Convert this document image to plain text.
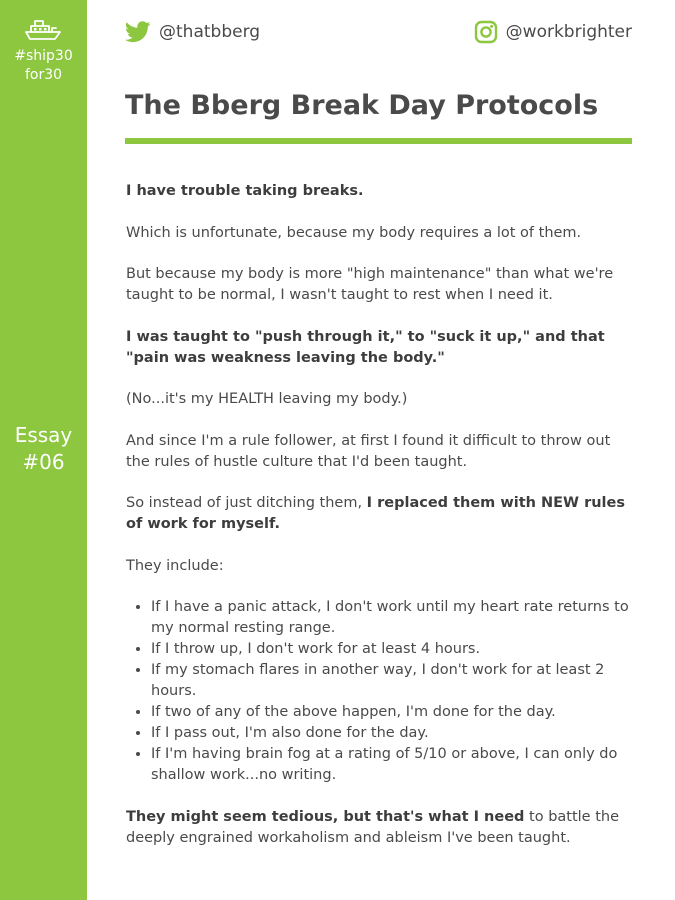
#ship30
for30
Essay
#06
@thatbberg	@workbrighter
The Bberg Break Day Protocols

I have trouble taking breaks.

Which is unfortunate, because my body requires a lot of them.

But because my body is more "high maintenance" than what we're taught to be normal, I wasn't taught to rest when I need it.

I was taught to "push through it," to "suck it up," and that "pain was weakness leaving the body."

(No...it's my HEALTH leaving my body.)

And since I'm a rule follower, at first I found it difficult to throw out the rules of hustle culture that I'd been taught.

So instead of just ditching them, I replaced them with NEW rules of work for myself.

They include:

• If I have a panic attack, I don't work until my heart rate returns to my normal resting range.
• If I throw up, I don't work for at least 4 hours.
• If my stomach flares in another way, I don't work for at least 2 hours.
• If two of any of the above happen, I'm done for the day.
• If I pass out, I'm also done for the day.
• If I'm having brain fog at a rating of 5/10 or above, I can only do shallow work...no writing.

They might seem tedious, but that's what I need to battle the deeply engrained workaholism and ableism I've been taught.
